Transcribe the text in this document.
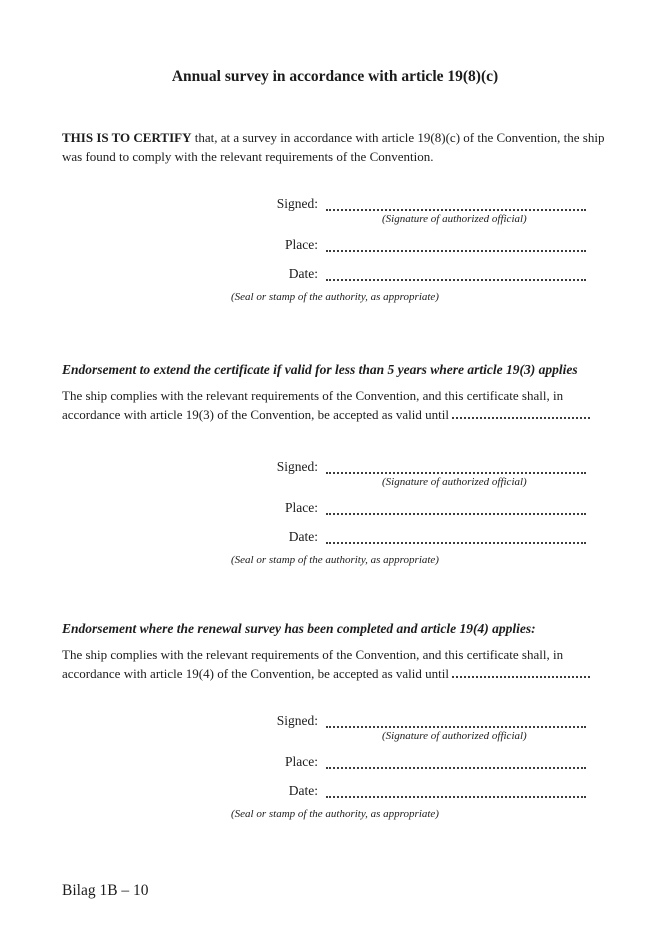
Annual survey in accordance with article 19(8)(c)

THIS IS TO CERTIFY that, at a survey in accordance with article 19(8)(c) of the Convention, the ship was found to comply with the relevant requirements of the Convention.

Signed:
(Signature of authorized official)
Place:
Date:
(Seal or stamp of the authority, as appropriate)
Endorsement to extend the certificate if valid for less than 5 years where article 19(3) applies

The ship complies with the relevant requirements of the Convention, and this certificate shall, in accordance with article 19(3) of the Convention, be accepted as valid until

Signed:
(Signature of authorized official)
Place:
Date:
(Seal or stamp of the authority, as appropriate)
Endorsement where the renewal survey has been completed and article 19(4) applies:

The ship complies with the relevant requirements of the Convention, and this certificate shall, in accordance with article 19(4) of the Convention, be accepted as valid until

Signed:
(Signature of authorized official)
Place:
Date:
(Seal or stamp of the authority, as appropriate)
Bilag 1B – 10
